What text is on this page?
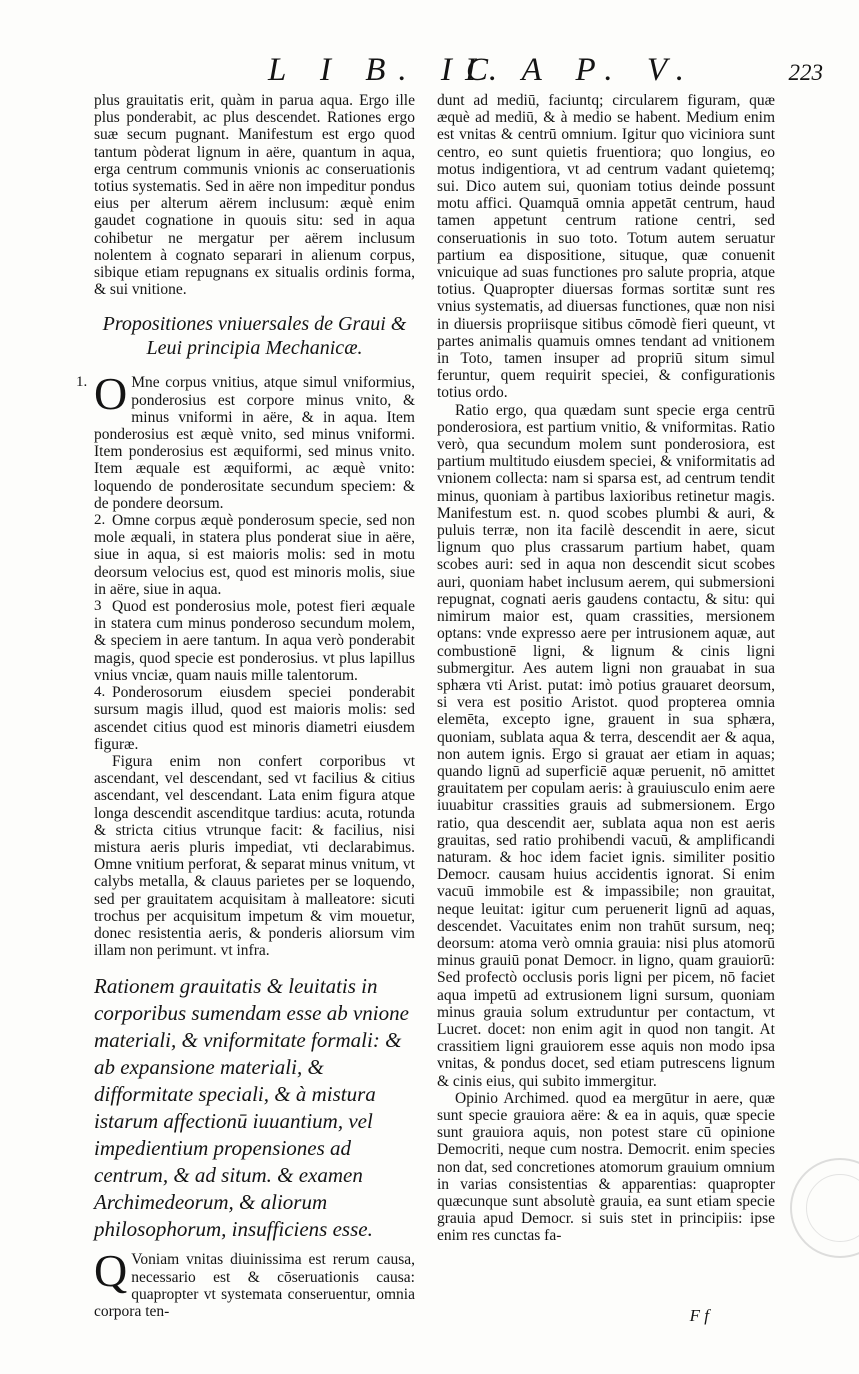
L I B. II.
C A P. V.	223

plus grauitatis erit, quàm in parua aqua. Ergo ille plus ponderabit, ac plus descendet. Rationes ergo suæ secum pugnant. Manifestum est ergo quod tantum pòderat lignum in aëre, quantum in aqua, erga centrum communis vnionis ac conseruationis totius systematis. Sed in aëre non impeditur pondus eius per alterum aërem inclusum: æquè enim gaudet cognatione in quouis situ: sed in aqua cohibetur ne mergatur per aërem inclusum nolentem à cognato separari in alienum corpus, sibique etiam repugnans ex situalis ordinis forma, & sui vnitione.

Propositiones vniuersales de Graui & Leui principia Mechanicæ.

1. O Mne corpus vnitius, atque simul vniformius, ponderosius est corpore minus vnito, & minus vniformi in aëre, & in aqua. Item ponderosius est æquè vnito, sed minus vniformi. Item ponderosius est æquiformi, sed minus vnito. Item æquale est æquiformi, ac æquè vnito: loquendo de ponderositate secundum speciem: & de pondere deorsum.
2. Omne corpus æquè ponderosum specie, sed non mole æquali, in statera plus ponderat siue in aëre, siue in aqua, si est maioris molis: sed in motu deorsum velocius est, quod est minoris molis, siue in aëre, siue in aqua.
3 Quod est ponderosius mole, potest fieri æquale in statera cum minus ponderoso secundum molem, & speciem in aere tantum. In aqua verò ponderabit magis, quod specie est ponderosius. vt plus lapillus vnius vnciæ, quam nauis mille talentorum.
4. Ponderosorum eiusdem speciei ponderabit sursum magis illud, quod est maioris molis: sed ascendet citius quod est minoris diametri eiusdem figuræ.

Figura enim non confert corporibus vt ascendant, vel descendant, sed vt facilius & citius ascendant, vel descendant. Lata enim figura atque longa descendit ascenditque tardius: acuta, rotunda & stricta citius vtrunque facit: & facilius, nisi mistura aeris pluris impediat, vti declarabimus. Omne vnitium perforat, & separat minus vnitum, vt calybs metalla, & clauus parietes per se loquendo, sed per grauitatem acquisitam à malleatore: sicuti trochus per acquisitum impetum & vim mouetur, donec resistentia aeris, & ponderis aliorsum vim illam non perimunt. vt infra.

Rationem grauitatis & leuitatis in corporibus sumendam esse ab vnione materiali, & vniformitate formali: & ab expansione materiali, & difformitate speciali, & à mistura istarum affectionū iuuantium, vel impedientium propensiones ad centrum, & ad situm. & examen Archimedeorum, & aliorum philosophorum, insufficiens esse.

Q Voniam vnitas diuinissima est rerum causa, necessario est & cōseruationis causa: quapropter vt systemata conseruentur, omnia corpora ten-

dunt ad mediū, faciuntq; circularem figuram, quæ æquè ad mediū, & à medio se habent. Medium enim est vnitas & centrū omnium. Igitur quo viciniora sunt centro, eo sunt quietis fruentiora; quo longius, eo motus indigentiora, vt ad centrum vadant quietemq; sui. Dico autem sui, quoniam totius deinde possunt motu affici. Quamquā omnia appetāt centrum, haud tamen appetunt centrum ratione centri, sed conseruationis in suo toto. Totum autem seruatur partium ea dispositione, situque, quæ conuenit vnicuique ad suas functiones pro salute propria, atque totius. Quapropter diuersas formas sortitæ sunt res vnius systematis, ad diuersas functiones, quæ non nisi in diuersis propriisque sitibus cōmodè fieri queunt, vt partes animalis quamuis omnes tendant ad vnitionem in Toto, tamen insuper ad propriū situm simul feruntur, quem requirit speciei, & configurationis totius ordo.

Ratio ergo, qua quædam sunt specie erga centrū ponderosiora, est partium vnitio, & vniformitas. Ratio verò, qua secundum molem sunt ponderosiora, est partium multitudo eiusdem speciei, & vniformitatis ad vnionem collecta: nam si sparsa est, ad centrum tendit minus, quoniam à partibus laxioribus retinetur magis. Manifestum est. n. quod scobes plumbi & auri, & puluis terræ, non ita facilè descendit in aere, sicut lignum quo plus crassarum partium habet, quam scobes auri: sed in aqua non descendit sicut scobes auri, quoniam habet inclusum aerem, qui submersioni repugnat, cognati aeris gaudens contactu, & situ: qui nimirum maior est, quam crassities, mersionem optans: vnde expresso aere per intrusionem aquæ, aut combustionē ligni, & lignum & cinis ligni submergitur. Aes autem ligni non grauabat in sua sphæra vti Arist. putat: imò potius grauaret deorsum, si vera est positio Aristot. quod propterea omnia elemēta, excepto igne, grauent in sua sphæra, quoniam, sublata aqua & terra, descendit aer & aqua, non autem ignis. Ergo si grauat aer etiam in aquas; quando lignū ad superficiē aquæ peruenit, nō amittet grauitatem per copulam aeris: à grauiusculo enim aere iuuabitur crassities grauis ad submersionem. Ergo ratio, qua descendit aer, sublata aqua non est aeris grauitas, sed ratio prohibendi vacuū, & amplificandi naturam. & hoc idem faciet ignis. similiter positio Democr. causam huius accidentis ignorat. Si enim vacuū immobile est & impassibile; non grauitat, neque leuitat: igitur cum peruenerit lignū ad aquas, descendet. Vacuitates enim non trahūt sursum, neq; deorsum: atoma verò omnia grauia: nisi plus atomorū minus grauiū ponat Democr. in ligno, quam grauiorū: Sed profectò occlusis poris ligni per picem, nō faciet aqua impetū ad extrusionem ligni sursum, quoniam minus grauia solum extruduntur per contactum, vt Lucret. docet: non enim agit in quod non tangit. At crassitiem ligni grauiorem esse aquis non modo ipsa vnitas, & pondus docet, sed etiam putrescens lignum & cinis eius, qui subito immergitur.

Opinio Archimed. quod ea mergūtur in aere, quæ sunt specie grauiora aëre: & ea in aquis, quæ specie sunt grauiora aquis, non potest stare cū opinione Democriti, neque cum nostra. Democrit. enim species non dat, sed concretiones atomorum grauium omnium in varias consistentias & apparentias: quapropter quæcunque sunt absolutè grauia, ea sunt etiam specie grauia apud Democr. si suis stet in principiis: ipse enim res cunctas fa-

F f
